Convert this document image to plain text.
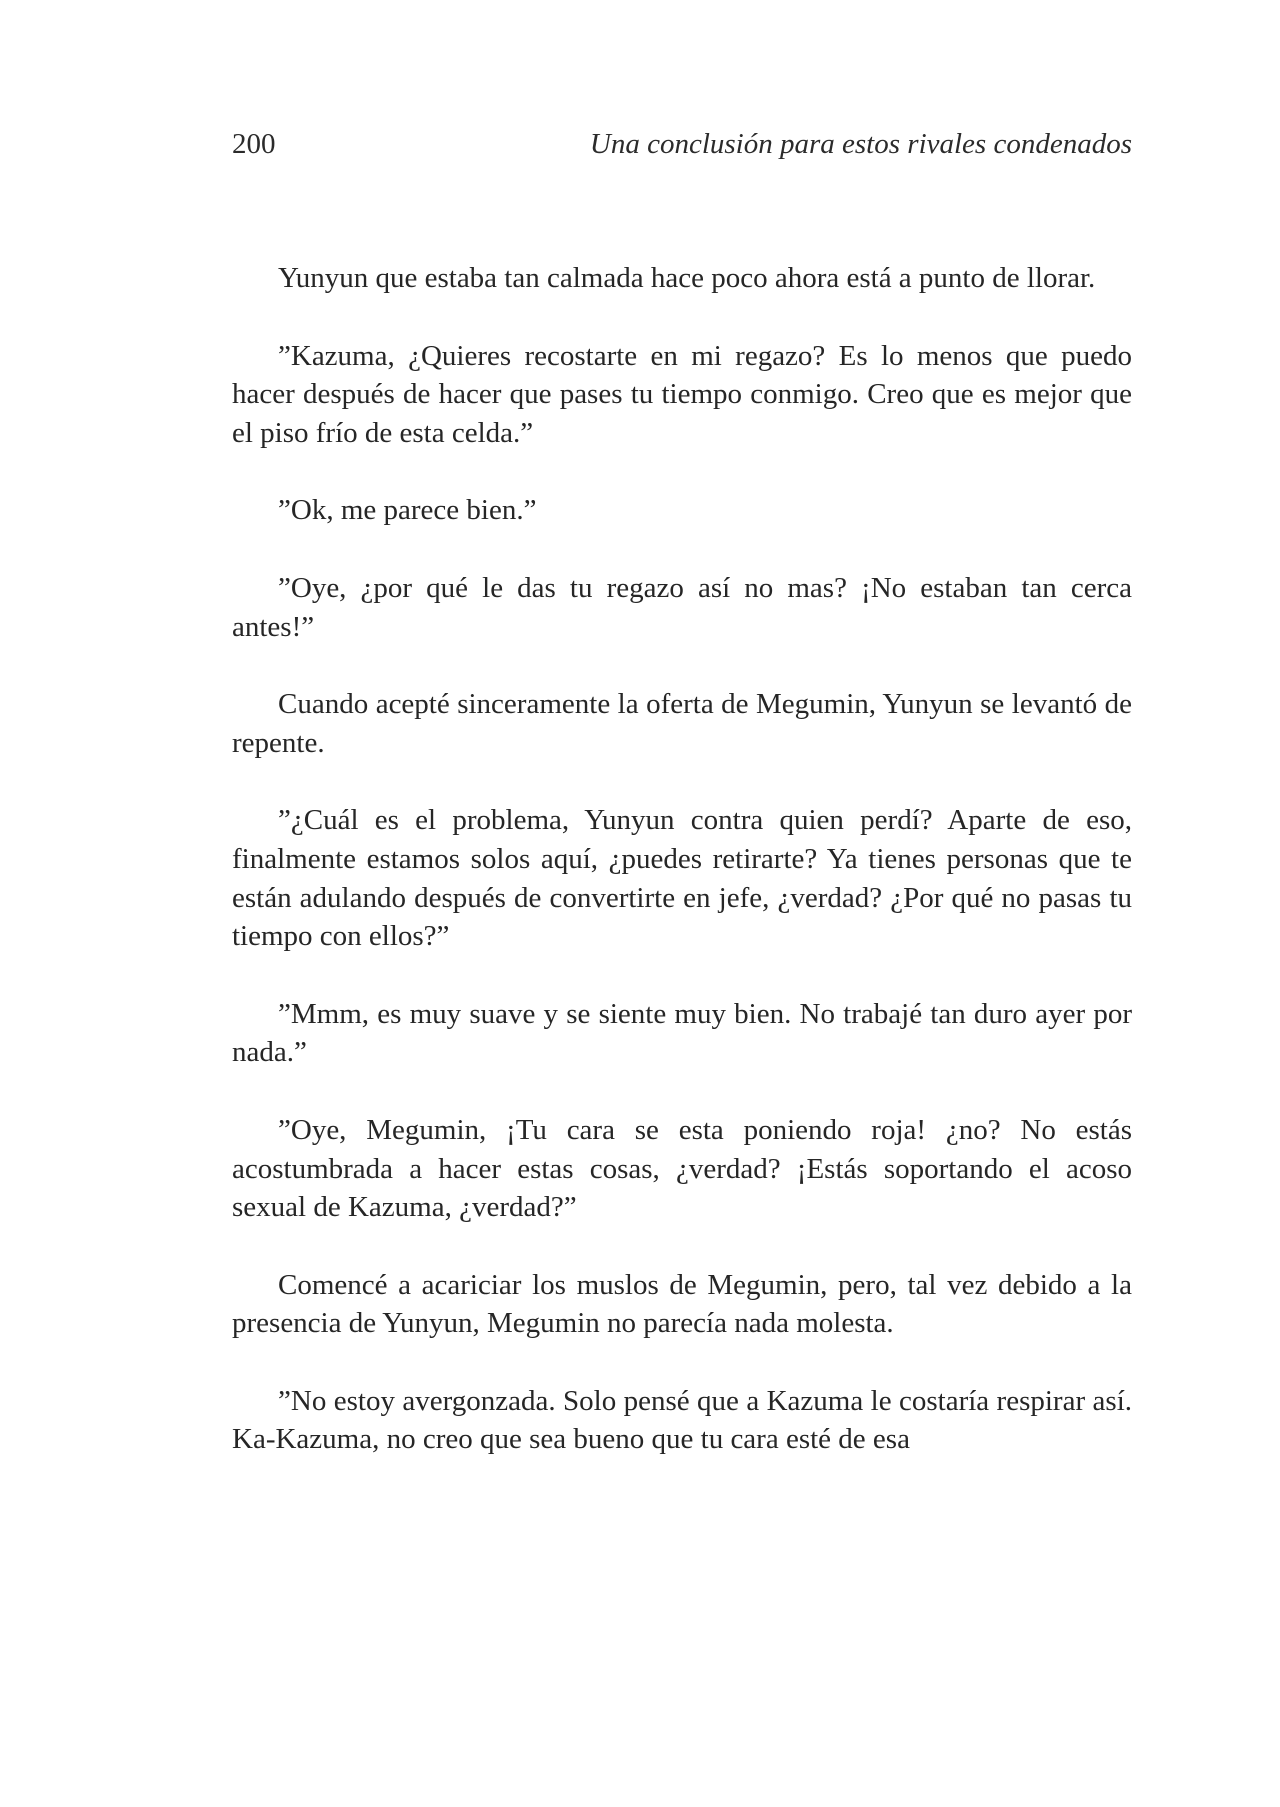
200	Una conclusión para estos rivales condenados

Yunyun que estaba tan calmada hace poco ahora está a punto de llorar.

”Kazuma, ¿Quieres recostarte en mi regazo? Es lo menos que puedo hacer después de hacer que pases tu tiempo conmigo. Creo que es mejor que el piso frío de esta celda.”

”Ok, me parece bien.”

”Oye, ¿por qué le das tu regazo así no mas? ¡No estaban tan cerca antes!”

Cuando acepté sinceramente la oferta de Megumin, Yunyun se levantó de repente.

”¿Cuál es el problema, Yunyun contra quien perdí? Aparte de eso, finalmente estamos solos aquí, ¿puedes retirarte? Ya tienes personas que te están adulando después de convertirte en jefe, ¿verdad? ¿Por qué no pasas tu tiempo con ellos?”

”Mmm, es muy suave y se siente muy bien. No trabajé tan duro ayer por nada.”

”Oye, Megumin, ¡Tu cara se esta poniendo roja! ¿no? No estás acostumbrada a hacer estas cosas, ¿verdad? ¡Estás soportando el acoso sexual de Kazuma, ¿verdad?”

Comencé a acariciar los muslos de Megumin, pero, tal vez debido a la presencia de Yunyun, Megumin no parecía nada molesta.

”No estoy avergonzada. Solo pensé que a Kazuma le costaría respirar así. Ka-Kazuma, no creo que sea bueno que tu cara esté de esa
